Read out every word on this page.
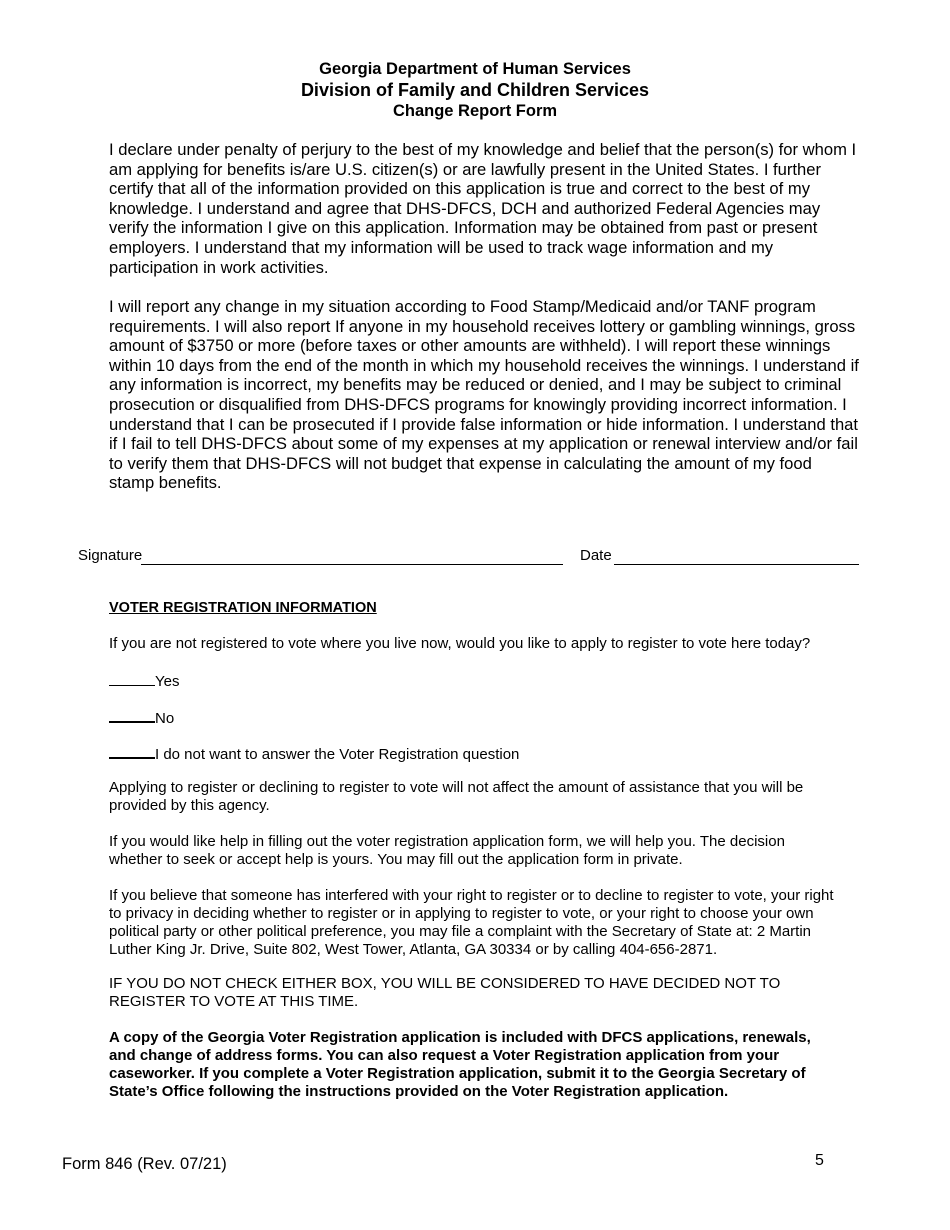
Georgia Department of Human Services
Division of Family and Children Services
Change Report Form

I declare under penalty of perjury to the best of my knowledge and belief that the person(s) for whom I am applying for benefits is/are U.S. citizen(s) or are lawfully present in the United States. I further certify that all of the information provided on this application is true and correct to the best of my knowledge. I understand and agree that DHS-DFCS, DCH and authorized Federal Agencies may verify the information I give on this application. Information may be obtained from past or present employers. I understand that my information will be used to track wage information and my participation in work activities.

I will report any change in my situation according to Food Stamp/Medicaid and/or TANF program requirements. I will also report If anyone in my household receives lottery or gambling winnings, gross amount of $3750 or more (before taxes or other amounts are withheld). I will report these winnings within 10 days from the end of the month in which my household receives the winnings. I understand if any information is incorrect, my benefits may be reduced or denied, and I may be subject to criminal prosecution or disqualified from DHS-DFCS programs for knowingly providing incorrect information. I understand that I can be prosecuted if I provide false information or hide information. I understand that if I fail to tell DHS-DFCS about some of my expenses at my application or renewal interview and/or fail to verify them that DHS-DFCS will not budget that expense in calculating the amount of my food stamp benefits.

Signature	Date
VOTER REGISTRATION INFORMATION

If you are not registered to vote where you live now, would you like to apply to register to vote here today?

Yes
No
I do not want to answer the Voter Registration question

Applying to register or declining to register to vote will not affect the amount of assistance that you will be provided by this agency.

If you would like help in filling out the voter registration application form, we will help you. The decision whether to seek or accept help is yours. You may fill out the application form in private.

If you believe that someone has interfered with your right to register or to decline to register to vote, your right to privacy in deciding whether to register or in applying to register to vote, or your right to choose your own political party or other political preference, you may file a complaint with the Secretary of State at: 2 Martin Luther King Jr. Drive, Suite 802, West Tower, Atlanta, GA 30334 or by calling 404-656-2871.

IF YOU DO NOT CHECK EITHER BOX, YOU WILL BE CONSIDERED TO HAVE DECIDED NOT TO REGISTER TO VOTE AT THIS TIME.

A copy of the Georgia Voter Registration application is included with DFCS applications, renewals, and change of address forms. You can also request a Voter Registration application from your caseworker. If you complete a Voter Registration application, submit it to the Georgia Secretary of State’s Office following the instructions provided on the Voter Registration application.

Form 846 (Rev. 07/21)	5
